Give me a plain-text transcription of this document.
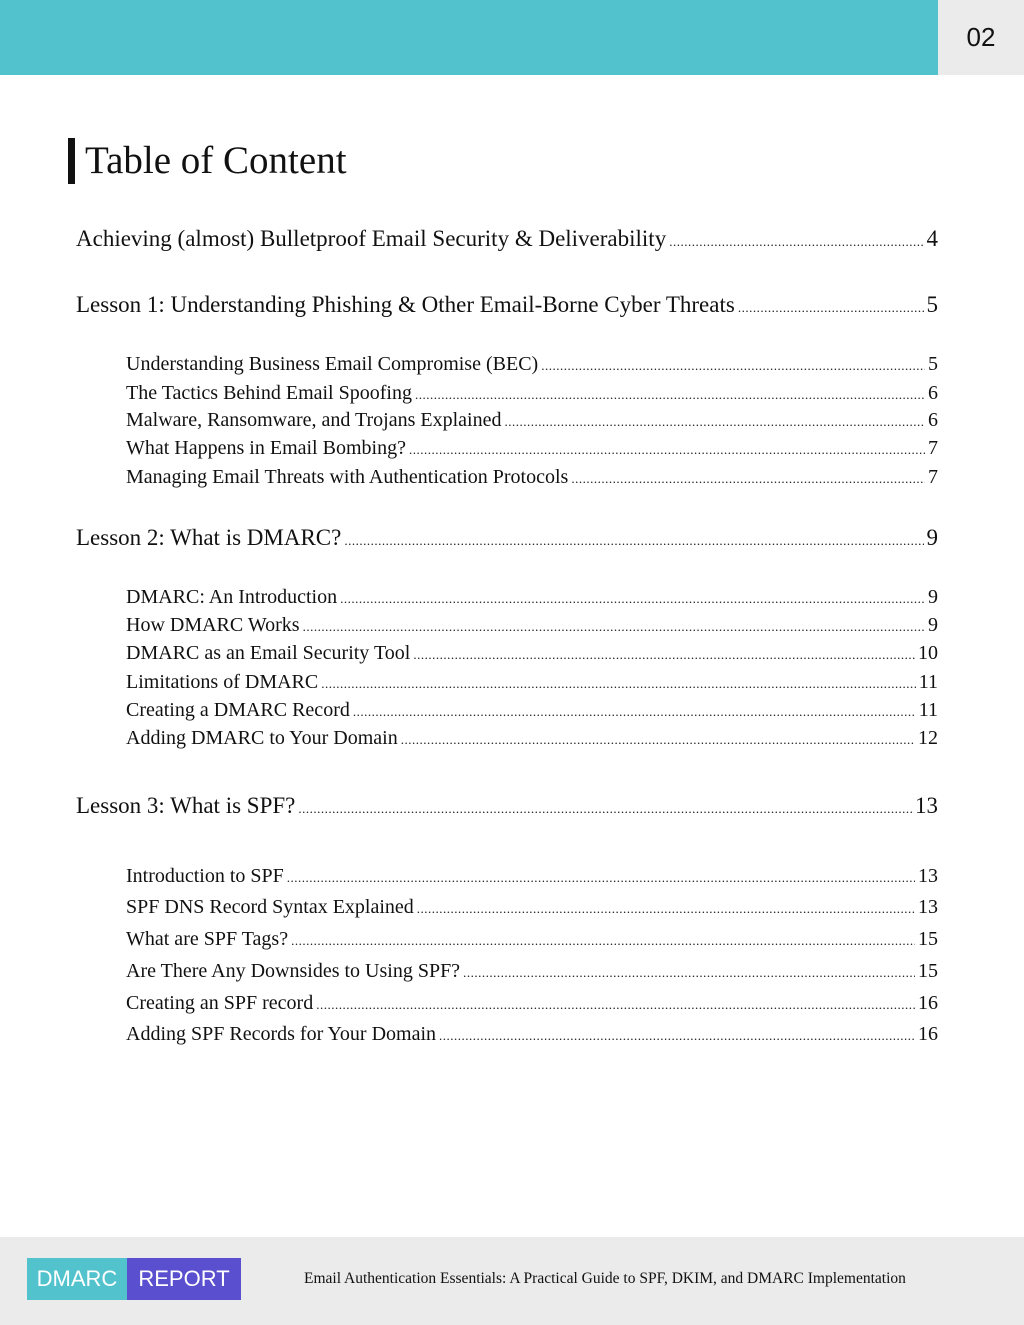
02
Table of Content
Achieving (almost) Bulletproof Email Security & Deliverability .....	4
Lesson 1: Understanding Phishing & Other Email-Borne Cyber Threats .....	5
Understanding Business Email Compromise (BEC) .....	5
The Tactics Behind Email Spoofing .....	6
Malware, Ransomware, and Trojans Explained .....	6
What Happens in Email Bombing? .....	7
Managing Email Threats with Authentication Protocols .....	7
Lesson 2: What is DMARC? .....	9
DMARC: An Introduction .....	9
How DMARC Works .....	9
DMARC as an Email Security Tool .....	10
Limitations of DMARC .....	11
Creating a DMARC Record .....	11
Adding DMARC to Your Domain .....	12
Lesson 3: What is SPF? .....	13
Introduction to SPF .....	13
SPF DNS Record Syntax Explained .....	13
What are SPF Tags? .....	15
Are There Any Downsides to Using SPF? .....	15
Creating an SPF record .....	16
Adding SPF Records for Your Domain .....	16
DMARC REPORT	Email Authentication Essentials: A Practical Guide to SPF, DKIM, and DMARC Implementation
